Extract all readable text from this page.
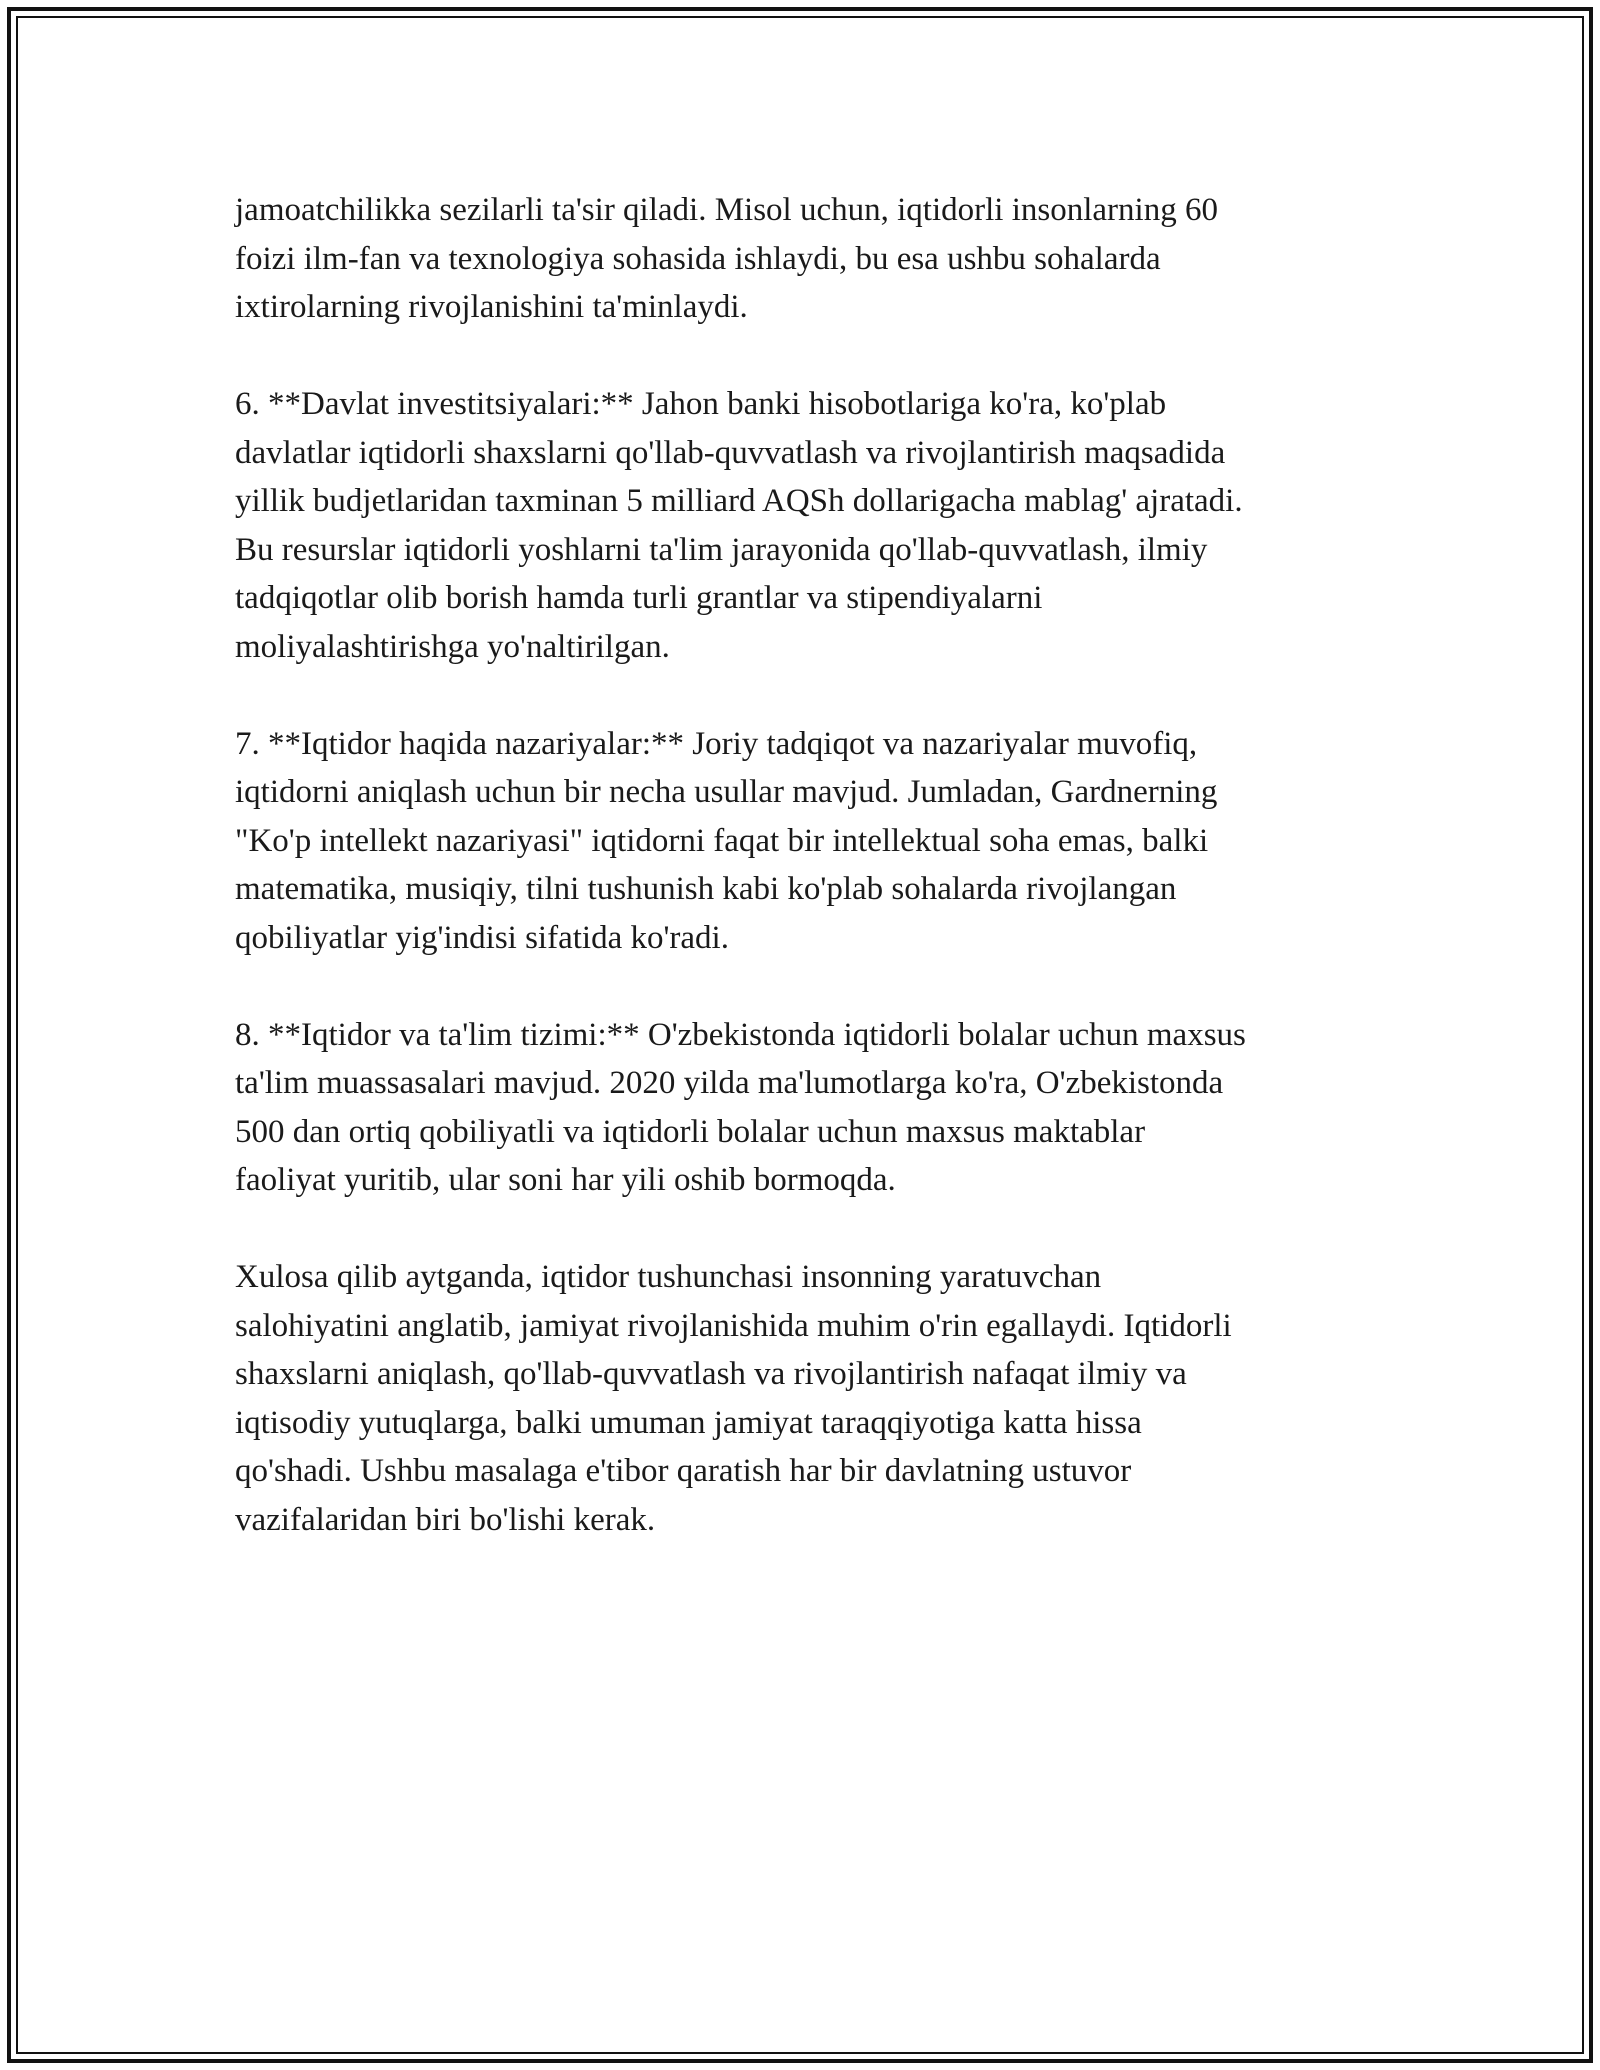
jamoatchilikka sezilarli ta'sir qiladi. Misol uchun, iqtidorli insonlarning 60
foizi ilm-fan va texnologiya sohasida ishlaydi, bu esa ushbu sohalarda
ixtirolarning rivojlanishini ta'minlaydi.

6. **Davlat investitsiyalari:** Jahon banki hisobotlariga ko'ra, ko'plab
davlatlar iqtidorli shaxslarni qo'llab-quvvatlash va rivojlantirish maqsadida
yillik budjetlaridan taxminan 5 milliard AQSh dollarigacha mablag' ajratadi.
Bu resurslar iqtidorli yoshlarni ta'lim jarayonida qo'llab-quvvatlash, ilmiy
tadqiqotlar olib borish hamda turli grantlar va stipendiyalarni
moliyalashtirishga yo'naltirilgan.

7. **Iqtidor haqida nazariyalar:** Joriy tadqiqot va nazariyalar muvofiq,
iqtidorni aniqlash uchun bir necha usullar mavjud. Jumladan, Gardnerning
"Ko'p intellekt nazariyasi" iqtidorni faqat bir intellektual soha emas, balki
matematika, musiqiy, tilni tushunish kabi ko'plab sohalarda rivojlangan
qobiliyatlar yig'indisi sifatida ko'radi.

8. **Iqtidor va ta'lim tizimi:** O'zbekistonda iqtidorli bolalar uchun maxsus
ta'lim muassasalari mavjud. 2020 yilda ma'lumotlarga ko'ra, O'zbekistonda
500 dan ortiq qobiliyatli va iqtidorli bolalar uchun maxsus maktablar
faoliyat yuritib, ular soni har yili oshib bormoqda.

Xulosa qilib aytganda, iqtidor tushunchasi insonning yaratuvchan
salohiyatini anglatib, jamiyat rivojlanishida muhim o'rin egallaydi. Iqtidorli
shaxslarni aniqlash, qo'llab-quvvatlash va rivojlantirish nafaqat ilmiy va
iqtisodiy yutuqlarga, balki umuman jamiyat taraqqiyotiga katta hissa
qo'shadi. Ushbu masalaga e'tibor qaratish har bir davlatning ustuvor
vazifalaridan biri bo'lishi kerak.
